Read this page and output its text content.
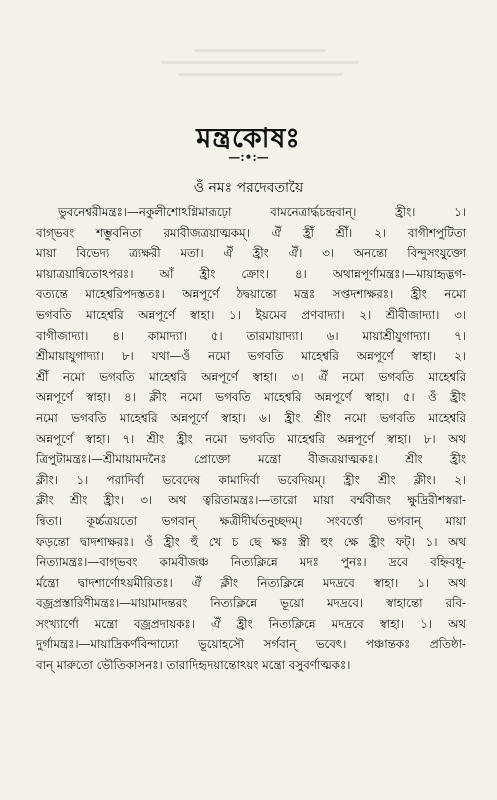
মন্ত্রকোষঃ
—:•:—

ওঁ নমঃ পরদেবতায়ৈ

ভুবনেশ্বরীমন্ত্রঃ।—নকুলীশোঽগ্নিমারূঢ়ো বামনেত্রার্দ্ধচন্দ্রবান্‌। হ্রীং। ১।
বাগ্‌ভবং শম্ভুবনিতা রমাবীজত্রয়াত্মকম্‌। ঐঁ হ্রীঁ শ্রীঁ। ২। বাগীশপুটিতা
মায়া বিভেদ্য ত্র্যক্ষরী মতা। ঐঁ হ্রীং ঐঁ। ৩। অনন্তো বিন্দুসংযুক্তো
মায়াত্রয়ান্বিতোঽপরঃ। আঁ হ্রীং ক্রোং। ৪। অথান্নপূর্ণামন্ত্রঃ।—মায়াহৃদ্ভগ-
বত্যন্তে মাহেশ্বরিপদস্ততঃ। অন্নপূর্ণে ঠদ্বয়ান্তো মন্ত্রঃ সপ্তদশাক্ষরঃ। হ্রীং নমো
ভগবতি মাহেশ্বরি অন্নপূর্ণে স্বাহা। ১। ইয়মেব প্রণবাদ্যা। ২। শ্রীবীজাদ্যা। ৩।
বাগীজাদ্যা। ৪। কামাদ্যা। ৫। তারমায়াদ্যা। ৬। মায়াশ্রীযুগাদ্যা। ৭।
শ্রীমায়াযুগাদ্যা। ৮। যথা—ওঁ নমো ভগবতি মাহেশ্বরি অন্নপূর্ণে স্বাহা। ২।
শ্রীঁ নমো ভগবতি মাহেশ্বরি অন্নপূর্ণে স্বাহা। ৩। ঐঁ নমো ভগবতি মাহেশ্বরি
অন্নপূর্ণে স্বাহা। ৪। ক্লীং নমো ভগবতি মাহেশ্বরি অন্নপূর্ণে স্বাহা। ৫। ওঁ হ্রীং
নমো ভগবতি মাহেশ্বরি অন্নপূর্ণে স্বাহা। ৬। হ্রীং শ্রীং নমো ভগবতি মাহেশ্বরি
অন্নপূর্ণে স্বাহা। ৭। শ্রীং হ্রীং নমো ভগবতি মাহেশ্বরি অন্নপূর্ণে স্বাহা। ৮। অথ
ত্রিপুটামন্ত্রঃ।—শ্রীমায়ামদনৈঃ প্রোক্তো মন্ত্রো বীজত্রয়াত্মকঃ। শ্রীং হ্রীং
ক্লীং। ১। পরাদির্বা ভবেদেষ কামাদির্বা ভবেদিয়ম্‌। হ্রীং শ্রীং ক্লীং। ২।
ক্লীং শ্রীং হ্রীং। ৩। অথ ত্বরিতামন্ত্রঃ।—তারো মায়া বর্ম্মবীজং ক্ষুদ্রিরীশস্বরা-
ন্বিতা। কূর্চ্চত্রয়তো ভগবান্‌ ক্ষত্রীদীর্ঘতনুচ্ছদম্‌। সংবর্ত্তো ভগবান্‌ মায়া
ফড়ন্তো দ্বাদশাক্ষরঃ। ওঁ হ্রীং হুঁ খে চ ছে ক্ষঃ স্ত্রী হুং ক্ষে হ্রীং ফট্‌। ১। অথ
নিত্যামন্ত্রঃ।—বাগ্‌ভবং কামবীজঞ্চ নিত্যক্লিন্নে মদঃ পুনঃ। দ্রবে বহ্নিবধূ-
র্মন্ত্রো দ্বাদশার্ণোঽয়মীরিতঃ। ঐঁ ক্লীং নিত্যক্লিন্নে মদদ্রবে স্বাহা। ১। অথ
বজ্রপ্রস্তারিণীমন্ত্রঃ।—মায়ামাদন্তরং নিত্যক্লিন্নে ভূয়ো মদদ্রবে। স্বাহান্তো রবি-
সংখ্যার্ণো মন্ত্রো বজ্রপ্রদায়কঃ। ঐঁ হ্রীং নিত্যক্লিন্নে মদদ্রবে স্বাহা। ১। অথ
দুর্গামন্ত্রঃ।—মায়াদ্রিকর্ণবিন্দাঢ্যো ভূয়োহসৌ সর্গবান্‌ ভবেৎ। পঞ্চান্তকঃ প্রতিষ্ঠা-
বান্‌ মারুতো ভৌতিকাসনঃ। তারাদিহৃদয়ান্তোঽয়ং মন্ত্রো বসুবর্ণাত্মকঃ।
